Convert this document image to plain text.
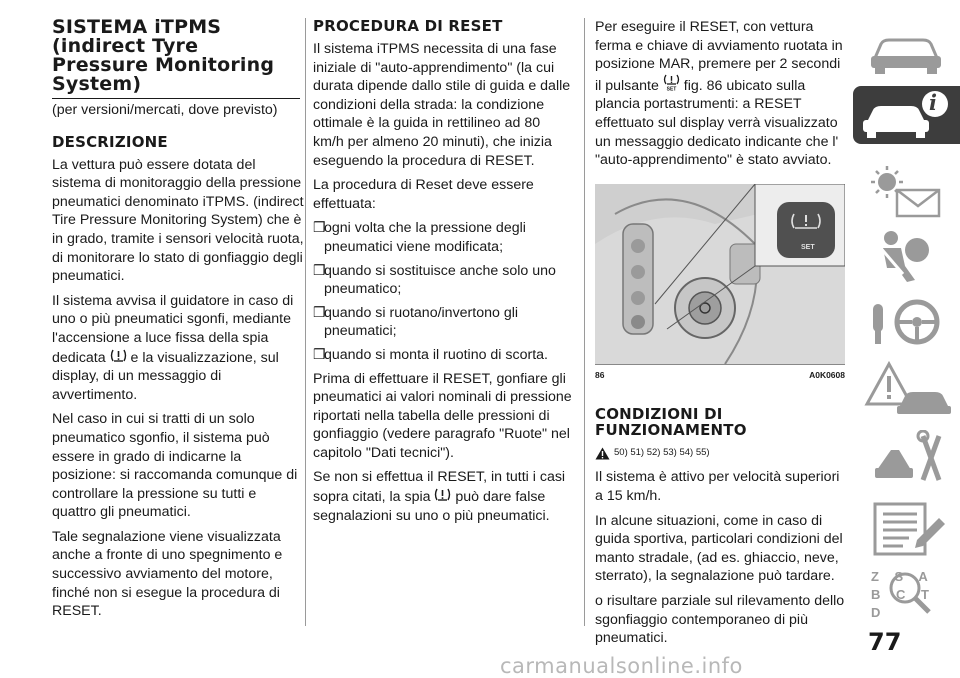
SISTEMA iTPMS (indirect Tyre Pressure Monitoring System)

(per versioni/mercati, dove previsto)

DESCRIZIONE

La vettura può essere dotata del sistema di monitoraggio della pressione pneumatici denominato iTPMS. (indirect Tire Pressure Monitoring System) che è in grado, tramite i sensori velocità ruota, di monitorare lo stato di gonfiaggio degli pneumatici.

Il sistema avvisa il guidatore in caso di uno o più pneumatici sgonfi, mediante l'accensione a luce fissa della spia dedicata e la visualizzazione, sul display, di un messaggio di avvertimento.

Nel caso in cui si tratti di un solo pneumatico sgonfio, il sistema può essere in grado di indicarne la posizione: si raccomanda comunque di controllare la pressione su tutti e quattro gli pneumatici.

Tale segnalazione viene visualizzata anche a fronte di uno spegnimento e successivo avviamento del motore, finché non si esegue la procedura di RESET.

PROCEDURA DI RESET

Il sistema iTPMS necessita di una fase iniziale di "auto-apprendimento" (la cui durata dipende dallo stile di guida e dalle condizioni della strada: la condizione ottimale è la guida in rettilineo ad 80 km/h per almeno 20 minuti), che inizia eseguendo la procedura di RESET.

La procedura di Reset deve essere effettuata:

❒
ogni volta che la pressione degli pneumatici viene modificata;
❒
quando si sostituisce anche solo uno pneumatico;
❒
quando si ruotano/invertono gli pneumatici;
❒
quando si monta il ruotino di scorta.

Prima di effettuare il RESET, gonfiare gli pneumatici ai valori nominali di pressione riportati nella tabella delle pressioni di gonfiaggio (vedere paragrafo "Ruote" nel capitolo "Dati tecnici").

Se non si effettua il RESET, in tutti i casi sopra citati, la spia può dare false segnalazioni su uno o più pneumatici.

Per eseguire il RESET, con vettura ferma e chiave di avviamento ruotata in posizione MAR, premere per 2 secondi il pulsante SET fig. 86 ubicato sulla plancia portastrumenti: a RESET effettuato sul display verrà visualizzato un messaggio dedicato indicante che l' "auto-apprendimento" è stato avviato.

SET
86	A0K0608
CONDIZIONI DI FUNZIONAMENTO
50) 51) 52) 53) 54) 55)

Il sistema è attivo per velocità superiori a 15 km/h.

In alcune situazioni, come in caso di guida sportiva, particolari condizioni del manto stradale, (ad es. ghiaccio, neve, sterrato), la segnalazione può tardare.

o risultare parziale sul rilevamento dello sgonfiaggio contemporaneo di più pneumatici.

i
Z S A B C T D
77
carmanualsonline.info
